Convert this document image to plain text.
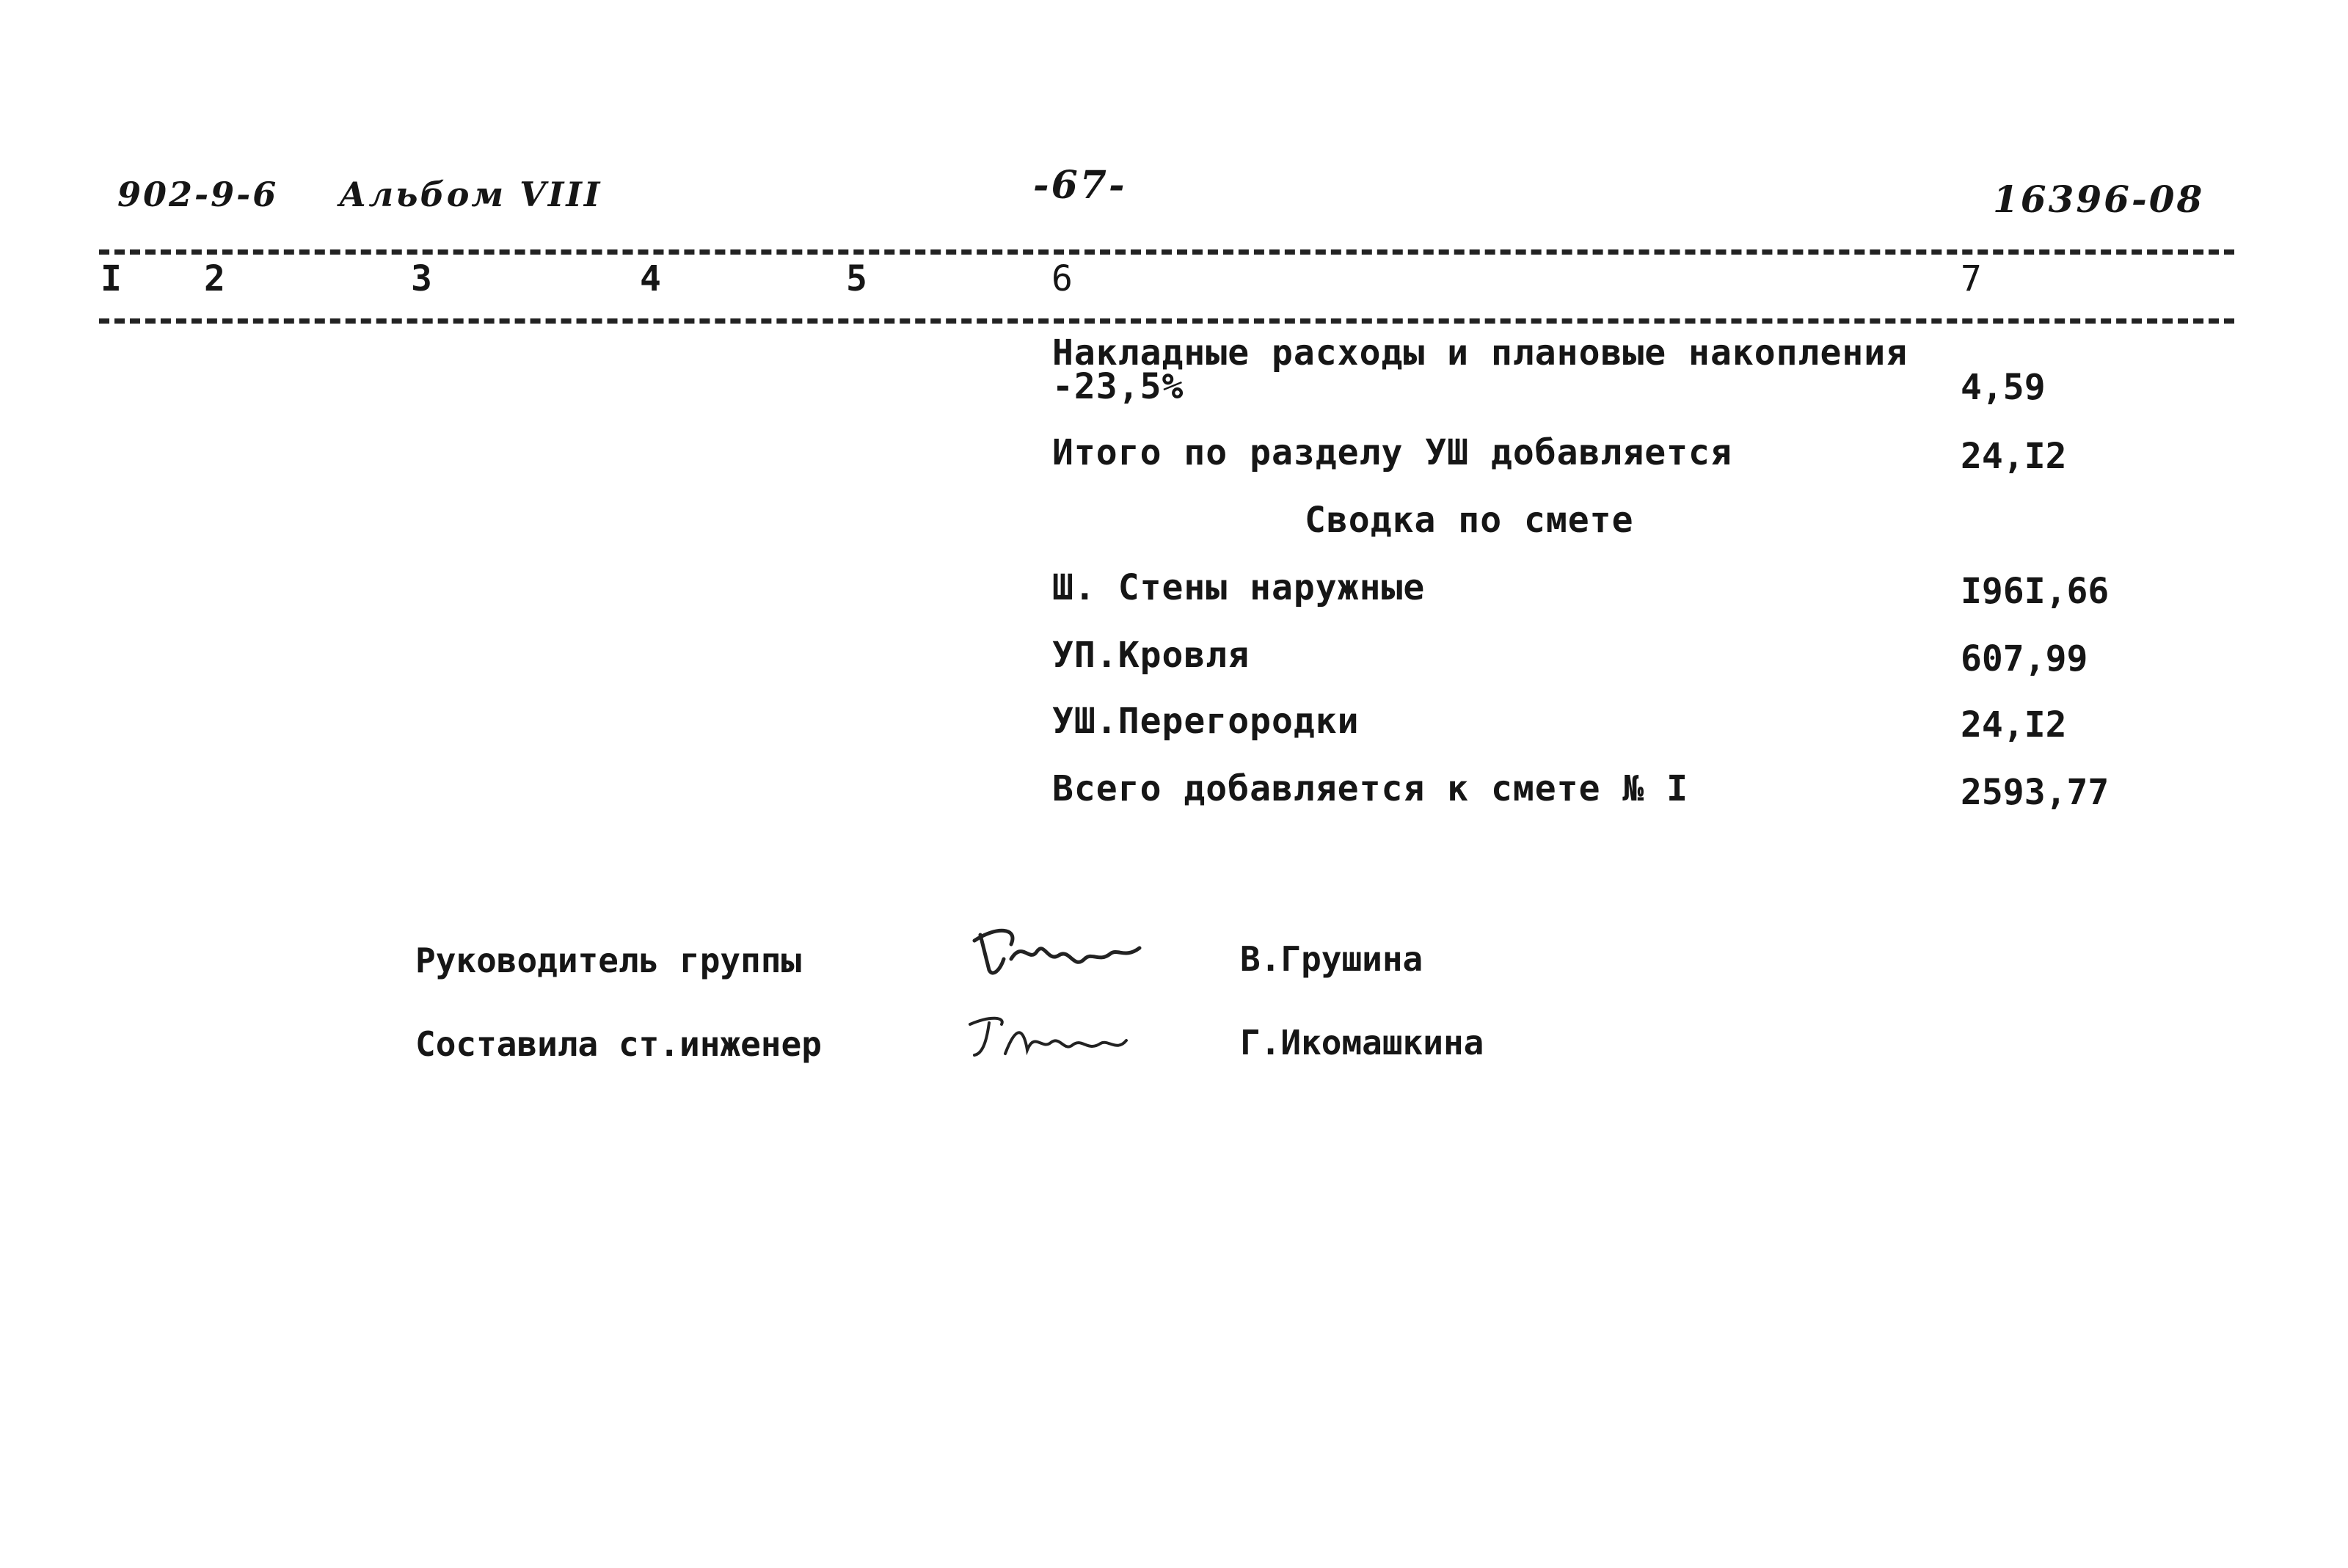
902-9-6 Альбом VIII	-67-	16396-08
I 2	3	4	5	6	7
Накладные расходы и плановые накопления
-23,5%	4,59
Итого по разделу УШ добавляется	24,I2
Сводка по смете
Ш. Стены наружные	I96I,66
УП.Кровля	607,99
УШ.Перегородки	24,I2
Всего добавляется к смете № I	2593,77
Руководитель группы	В.Грушина
Составила ст.инженер	Г.Икомашкина
